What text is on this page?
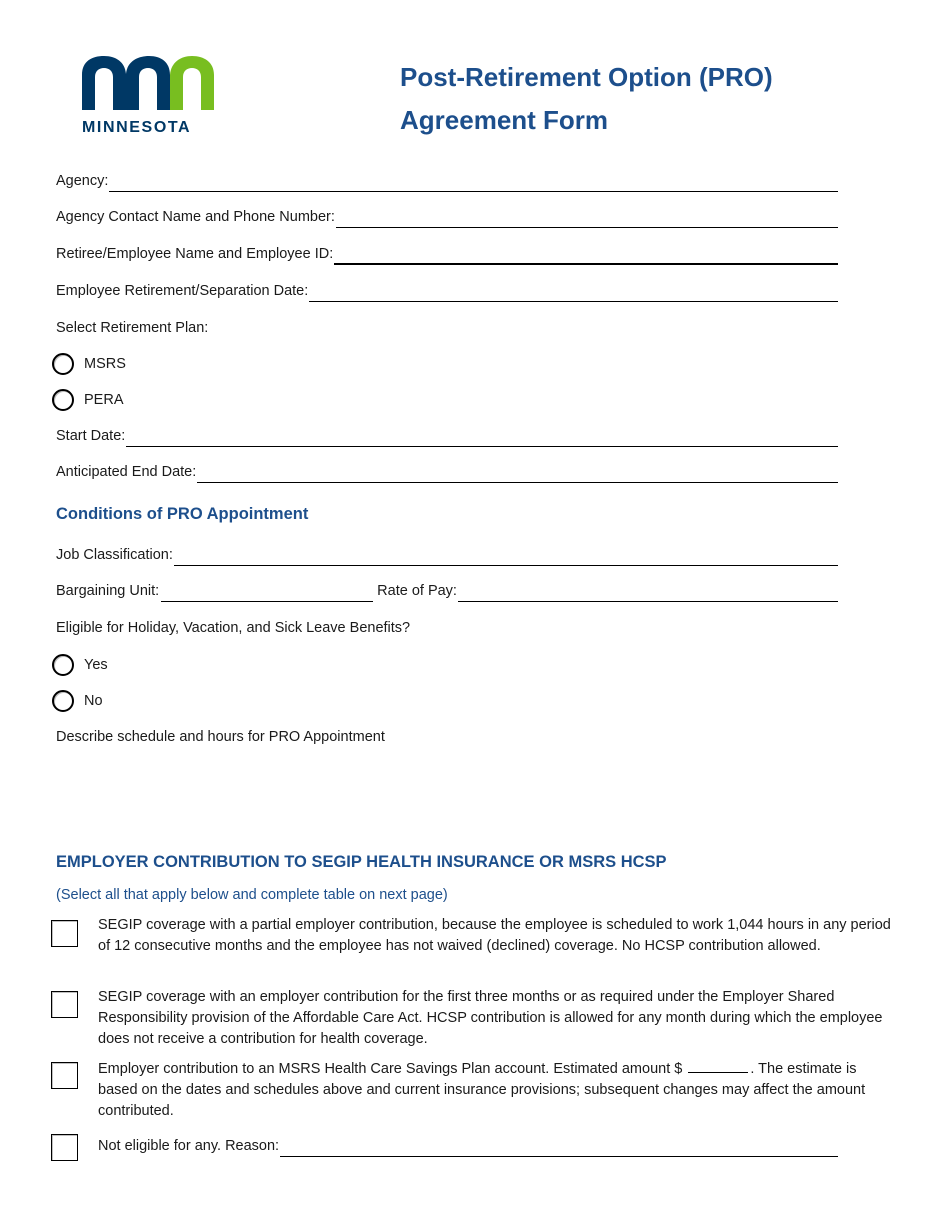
MINNESOTA
Post-Retirement Option (PRO)
Agreement Form
Agency:
Agency Contact Name and Phone Number:
Retiree/Employee Name and Employee ID:
Employee Retirement/Separation Date:
Select Retirement Plan:
MSRS
PERA
Start Date:
Anticipated End Date:
Conditions of PRO Appointment
Job Classification:
Bargaining Unit:	Rate of Pay:
Eligible for Holiday, Vacation, and Sick Leave Benefits?
Yes
No
Describe schedule and hours for PRO Appointment
EMPLOYER CONTRIBUTION TO SEGIP HEALTH INSURANCE OR MSRS HCSP
(Select all that apply below and complete table on next page)
SEGIP coverage with a partial employer contribution, because the employee is scheduled to work 1,044 hours in any period of 12 consecutive months and the employee has not waived (declined) coverage. No HCSP contribution allowed.
SEGIP coverage with an employer contribution for the first three months or as required under the Employer Shared Responsibility provision of the Affordable Care Act. HCSP contribution is allowed for any month during which the employee does not receive a contribution for health coverage.
Employer contribution to an MSRS Health Care Savings Plan account. Estimated amount $	. The estimate is based on the dates and schedules above and current insurance provisions; subsequent changes may affect the amount contributed.
Not eligible for any. Reason:
